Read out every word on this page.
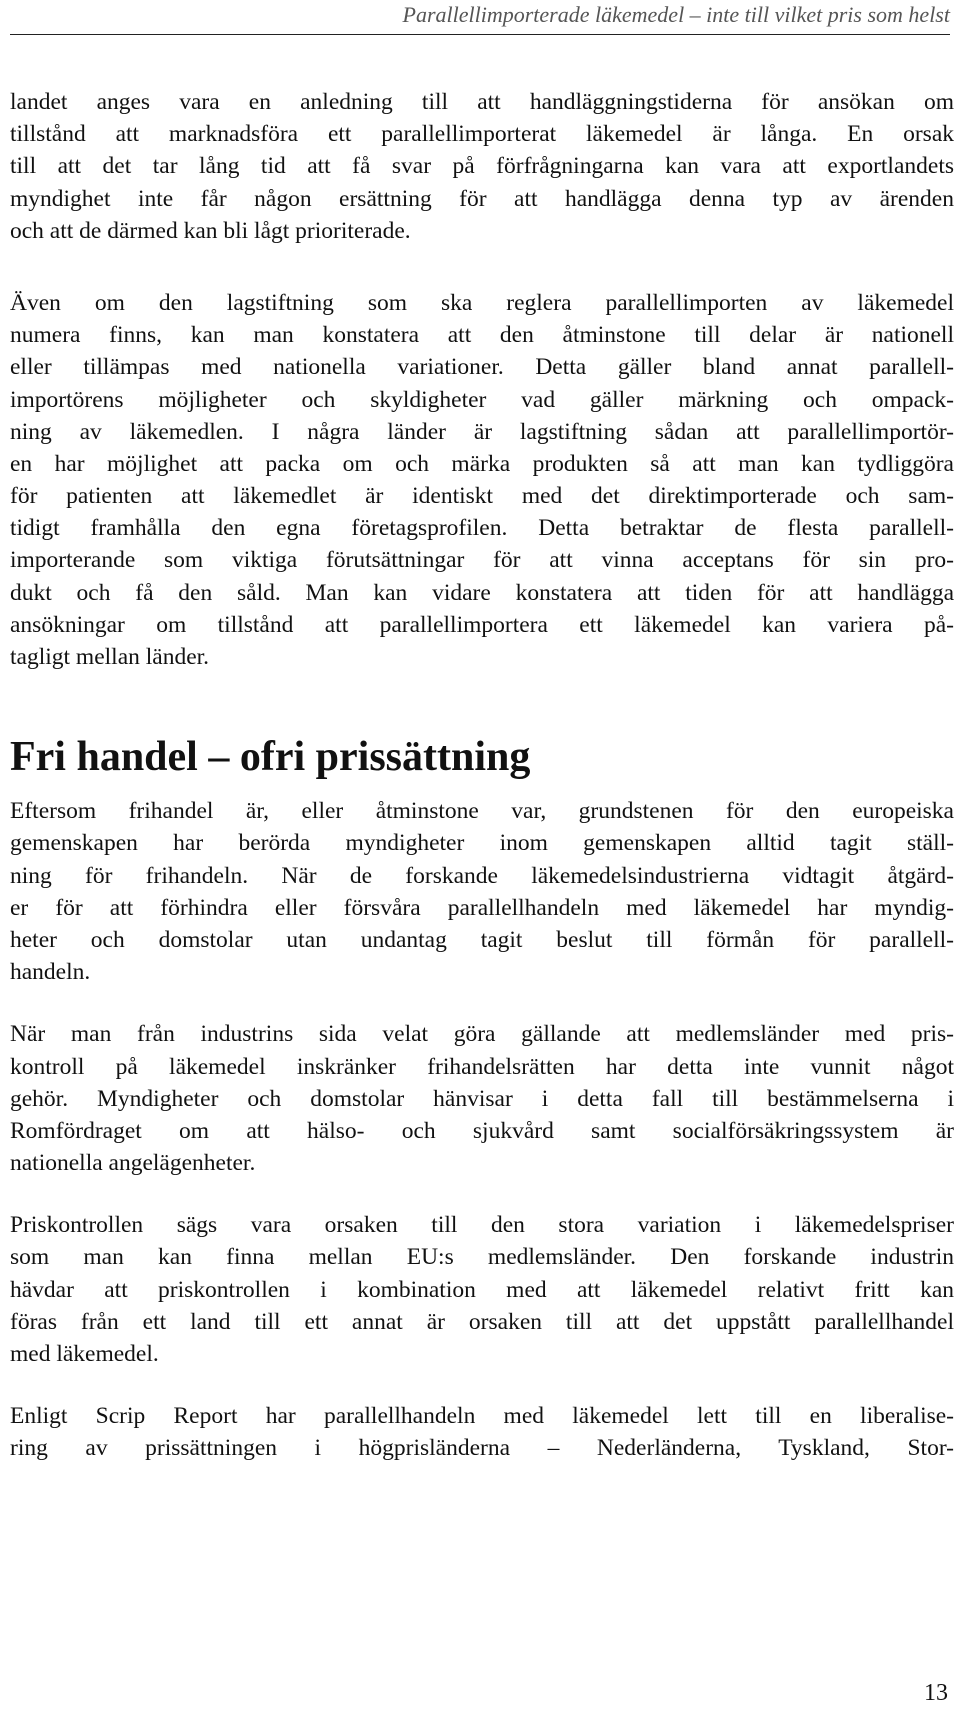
Parallellimporterade läkemedel – inte till vilket pris som helst
landet anges vara en anledning till att handläggningstiderna för ansökan om
tillstånd att marknadsföra ett parallellimporterat läkemedel är långa. En orsak
till att det tar lång tid att få svar på förfrågningarna kan vara att exportlandets
myndighet inte får någon ersättning för att handlägga denna typ av ärenden
och att de därmed kan bli lågt prioriterade.
Även om den lagstiftning som ska reglera parallellimporten av läkemedel
numera finns, kan man konstatera att den åtminstone till delar är nationell
eller tillämpas med nationella variationer. Detta gäller bland annat parallell-
importörens möjligheter och skyldigheter vad gäller märkning och ompack-
ning av läkemedlen. I några länder är lagstiftning sådan att parallellimportör-
en har möjlighet att packa om och märka produkten så att man kan tydliggöra
för patienten att läkemedlet är identiskt med det direktimporterade och sam-
tidigt framhålla den egna företagsprofilen. Detta betraktar de flesta parallell-
importerande som viktiga förutsättningar för att vinna acceptans för sin pro-
dukt och få den såld. Man kan vidare konstatera att tiden för att handlägga
ansökningar om tillstånd att parallellimportera ett läkemedel kan variera på-
tagligt mellan länder.
Fri handel – ofri prissättning
Eftersom frihandel är, eller åtminstone var, grundstenen för den europeiska
gemenskapen har berörda myndigheter inom gemenskapen alltid tagit ställ-
ning för frihandeln. När de forskande läkemedelsindustrierna vidtagit åtgärd-
er för att förhindra eller försvåra parallellhandeln med läkemedel har myndig-
heter och domstolar utan undantag tagit beslut till förmån för parallell-
handeln.
När man från industrins sida velat göra gällande att medlemsländer med pris-
kontroll på läkemedel inskränker frihandelsrätten har detta inte vunnit något
gehör. Myndigheter och domstolar hänvisar i detta fall till bestämmelserna i
Romfördraget om att hälso- och sjukvård samt socialförsäkringssystem är
nationella angelägenheter.
Priskontrollen sägs vara orsaken till den stora variation i läkemedelspriser
som man kan finna mellan EU:s medlemsländer. Den forskande industrin
hävdar att priskontrollen i kombination med att läkemedel relativt fritt kan
föras från ett land till ett annat är orsaken till att det uppstått parallellhandel
med läkemedel.
Enligt Scrip Report har parallellhandeln med läkemedel lett till en liberalise-
ring av prissättningen i högprisländerna – Nederländerna, Tyskland, Stor-
13
